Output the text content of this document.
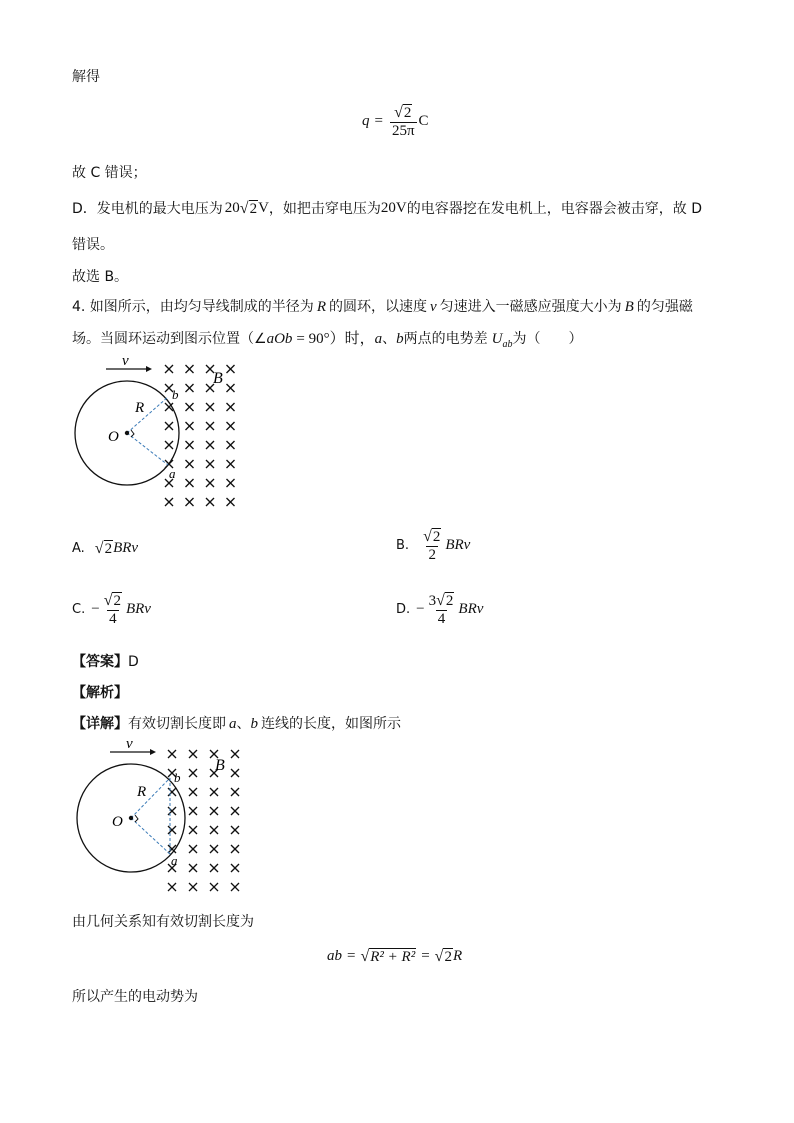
解得
$q = \frac{√ 2}{25\pi}$ C
故 C 错误；
D．发电机的最大电压为 20 √ 2 V ，如把击穿电压为 20V 的电容器挖在发电机上，电容器会被击穿，故 D
错误。
故选 B。
4. 如图所示，由均匀导线制成的半径为 R 的圆环，以速度 v 匀速进入一磁感应强度大小为 B 的匀强磁
场。当圆环运动到图示位置（∠ aOb = 90°）时， a 、 b 两点的电势差 $U_{ab}$ 为（　　）
v
B
R
O
b
a
A. √ 2 BRv	B. $\frac{√ 2}{2}$ BRv
C. − $\frac{√ 2}{4}$ BRv	D. − $\frac{3 √ 2}{4}$ BRv
【答案】D
【解析】
【详解】 有效切割长度即 a 、 b 连线的长度，如图所示
v
B
R
O
b
a
由几何关系知有效切割长度为
ab = √ R² + R² = √ 2 R
所以产生的电动势为
